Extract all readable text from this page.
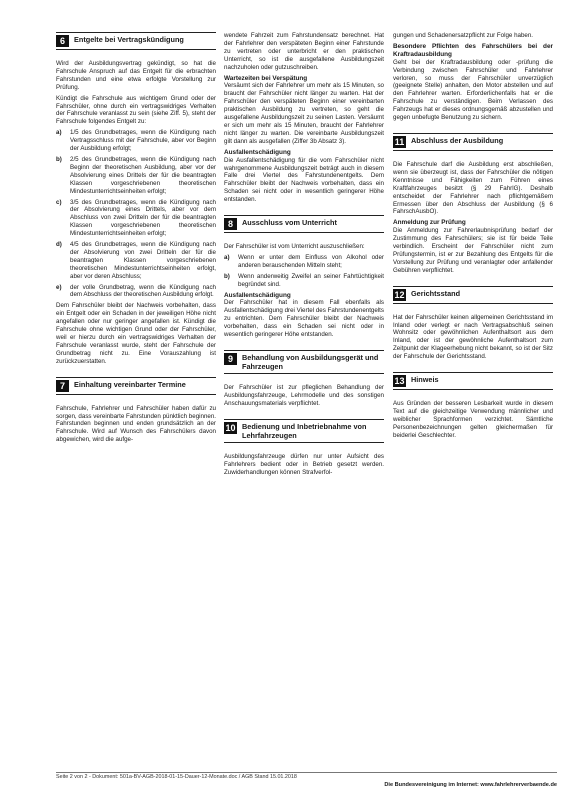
6	Entgelte bei Vertragskündigung

Wird der Ausbildungsvertrag gekündigt, so hat die Fahrschule Anspruch auf das Entgelt für die erbrachten Fahrstunden und eine etwa erfolgte Vorstellung zur Prüfung.

Kündigt die Fahrschule aus wichtigem Grund oder der Fahrschüler, ohne durch ein vertragswidriges Verhalten der Fahrschule veranlasst zu sein (siehe Ziff. 5), steht der Fahrschule folgendes Entgelt zu:

a)	1/5 des Grundbetrages, wenn die Kündigung nach Vertragsschluss mit der Fahrschule, aber vor Beginn der Ausbildung erfolgt;
b)	2/5 des Grundbetrages, wenn die Kündigung nach Beginn der theoretischen Ausbildung, aber vor der Absolvierung eines Drittels der für die beantragten Klassen vorgeschriebenen theoretischen Mindestunterrichtseinheiten erfolgt;
c)	3/5 des Grundbetrages, wenn die Kündigung nach der Absolvierung eines Drittels, aber vor dem Abschluss von zwei Dritteln der für die beantragten Klassen vorgeschriebenen theoretischen Mindestunterrichtseinheiten erfolgt;
d)	4/5 des Grundbetrages, wenn die Kündigung nach der Absolvierung von zwei Dritteln der für die beantragten Klassen vorgeschriebenen theoretischen Mindestunterrichtseinheiten erfolgt, aber vor deren Abschluss;
e)	der volle Grundbetrag, wenn die Kündigung nach dem Abschluss der theoretischen Ausbildung erfolgt.

Dem Fahrschüler bleibt der Nachweis vorbehalten, dass ein Entgelt oder ein Schaden in der jeweiligen Höhe nicht angefallen oder nur geringer angefallen ist. Kündigt die Fahrschule ohne wichtigen Grund oder der Fahrschüler, weil er hierzu durch ein vertragswidriges Verhalten der Fahrschule veranlasst wurde, steht der Fahrschule der Grundbetrag nicht zu. Eine Vorauszahlung ist zurückzuerstatten.

7	Einhaltung vereinbarter Termine

Fahrschule, Fahrlehrer und Fahrschüler haben dafür zu sorgen, dass vereinbarte Fahrstunden pünktlich beginnen. Fahrstunden beginnen und enden grundsätzlich an der Fahrschule. Wird auf Wunsch des Fahrschülers davon abgewichen, wird die aufge-

wendete Fahrzeit zum Fahrstundensatz berechnet. Hat der Fahrlehrer den verspäteten Beginn einer Fahrstunde zu vertreten oder unterbricht er den praktischen Unterricht, so ist die ausgefallene Ausbildungszeit nachzuholen oder gutzuschreiben.

Wartezeiten bei Verspätung

Versäumt sich der Fahrlehrer um mehr als 15 Minuten, so braucht der Fahrschüler nicht länger zu warten. Hat der Fahrschüler den verspäteten Beginn einer vereinbarten praktischen Ausbildung zu vertreten, so geht die ausgefallene Ausbildungszeit zu seinen Lasten. Versäumt er sich um mehr als 15 Minuten, braucht der Fahrlehrer nicht länger zu warten. Die vereinbarte Ausbildungszeit gilt dann als ausgefallen (Ziffer 3b Absatz 3).

Ausfallentschädigung

Die Ausfallentschädigung für die vom Fahrschüler nicht wahrgenommene Ausbildungszeit beträgt auch in diesem Falle drei Viertel des Fahrstundenentgelts. Dem Fahrschüler bleibt der Nachweis vorbehalten, dass ein Schaden sei nicht oder in wesentlich geringerer Höhe entstanden.

8	Ausschluss vom Unterricht

Der Fahrschüler ist vom Unterricht auszuschließen:

a)	Wenn er unter dem Einfluss von Alkohol oder anderen berauschenden Mitteln steht;
b)	Wenn anderweitig Zweifel an seiner Fahrtüchtigkeit begründet sind.
Ausfallentschädigung

Der Fahrschüler hat in diesem Fall ebenfalls als Ausfallentschädigung drei Viertel des Fahrstundenentgelts zu entrichten. Dem Fahrschüler bleibt der Nachweis vorbehalten, dass ein Schaden sei nicht oder in wesentlich geringerer Höhe entstanden.

9	Behandlung von Ausbildungsgerät und Fahrzeugen

Der Fahrschüler ist zur pfleglichen Behandlung der Ausbildungsfahrzeuge, Lehrmodelle und des sonstigen Anschauungsmaterials verpflichtet.

10 Bedienung und Inbetriebnahme von Lehrfahrzeugen

Ausbildungsfahrzeuge dürfen nur unter Aufsicht des Fahrlehrers bedient oder in Betrieb gesetzt werden. Zuwiderhandlungen können Strafverfol-

gungen und Schadenersatzpflicht zur Folge haben.

Besondere Pflichten des Fahrschülers bei der Kraftradausbildung

Geht bei der Kraftradausbildung oder -prüfung die Verbindung zwischen Fahrschüler und Fahrlehrer verloren, so muss der Fahrschüler unverzüglich (geeignete Stelle) anhalten, den Motor abstellen und auf den Fahrlehrer warten. Erforderlichenfalls hat er die Fahrschule zu verständigen. Beim Verlassen des Fahrzeugs hat er dieses ordnungsgemäß abzustellen und gegen unbefugte Benutzung zu sichern.

11 Abschluss der Ausbildung

Die Fahrschule darf die Ausbildung erst abschließen, wenn sie überzeugt ist, dass der Fahrschüler die nötigen Kenntnisse und Fähigkeiten zum Führen eines Kraftfahrzeuges besitzt (§ 29 FahrlG). Deshalb entscheidet der Fahrlehrer nach pflichtgemäßem Ermessen über den Abschluss der Ausbildung (§ 6 FahrschAusbO).

Anmeldung zur Prüfung

Die Anmeldung zur Fahrerlaubnisprüfung bedarf der Zustimmung des Fahrschülers; sie ist für beide Teile verbindlich. Erscheint der Fahrschüler nicht zum Prüfungstermin, ist er zur Bezahlung des Entgelts für die Vorstellung zur Prüfung und veranlagter oder anfallender Gebühren verpflichtet.

12 Gerichtsstand

Hat der Fahrschüler keinen allgemeinen Gerichtsstand im Inland oder verlegt er nach Vertragsabschluß seinen Wohnsitz oder gewöhnlichen Aufenthaltsort aus dem Inland, oder ist der gewöhnliche Aufenthaltsort zum Zeitpunkt der Klageerhebung nicht bekannt, so ist der Sitz der Fahrschule der Gerichtsstand.

13 Hinweis

Aus Gründen der besseren Lesbarkeit wurde in diesem Text auf die gleichzeitige Verwendung männlicher und weiblicher Sprachformen verzichtet. Sämtliche Personenbezeichnungen gelten gleichermaßen für beiderlei Geschlechter.

Seite 2 von 2 - Dokument: 501a-BV-AGB-2018-01-15-Dauer-12-Monate.doc / AGB Stand 15.01.2018
Die Bundesvereinigung im Internet: www.fahrlehrerverbaende.de
